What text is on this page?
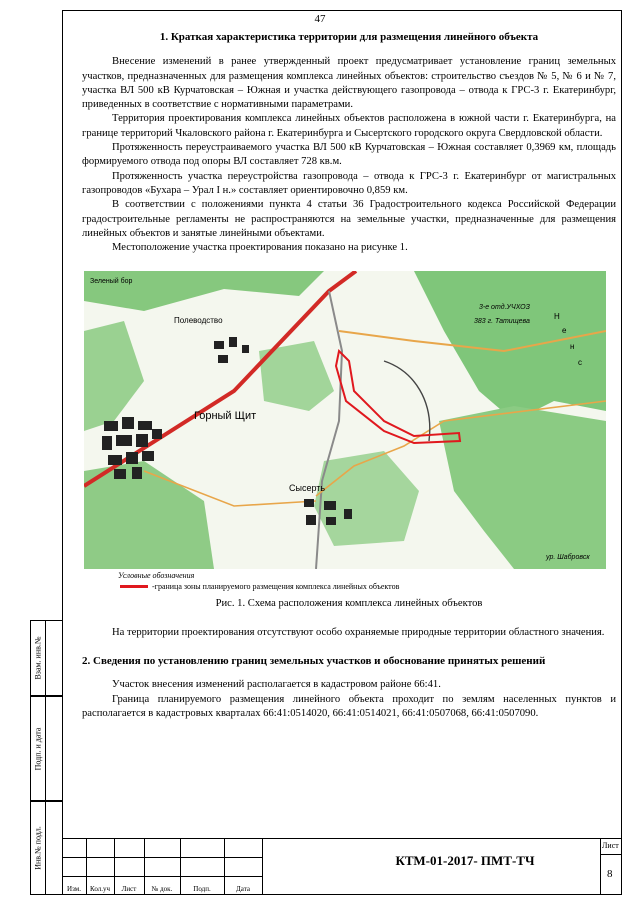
47
1. Краткая характеристика территории для размещения линейного объекта

Внесение изменений в ранее утвержденный проект предусматривает установление границ земельных участков, предназначенных для размещения комплекса линейных объектов: строительство съездов № 5, № 6 и № 7, участка ВЛ 500 кВ Курчатовская – Южная и участка действующего газопровода – отвода к ГРС-3 г. Екатеринбург, приведенных в соответствие с нормативными параметрами.

Территория проектирования комплекса линейных объектов расположена в южной части г. Екатеринбурга, на границе территорий Чкаловского района г. Екатеринбурга и Сысертского городского округа Свердловской области.

Протяженность переустраиваемого участка ВЛ 500 кВ Курчатовская – Южная составляет 0,3969 км, площадь формируемого отвода под опоры ВЛ составляет 728 кв.м.

Протяженность участка переустройства газопровода – отвода к ГРС-3 г. Екатеринбург от магистральных газопроводов «Бухара – Урал I н.» составляет ориентировочно 0,859 км.

В соответствии с положениями пункта 4 статьи 36 Градостроительного кодекса Российской Федерации градостроительные регламенты не распространяются на земельные участки, предназначенные для размещения линейных объектов и занятые линейными объектами.

Местоположение участка проектирования показано на рисунке 1.

Зеленый бор
Полеводство
Горный Щит
Сысерть
3-е отд.УЧХОЗ
383 г. Татищева
Н
е
н
с
ур. Шабровск
Условные обозначения
-граница зоны планируемого размещения комплекса линейных объектов
Рис. 1. Схема расположения комплекса линейных объектов

На территории проектирования отсутствуют особо охраняемые природные территории областного значения.

2. Сведения по установлению границ земельных участков и обоснование принятых решений

Участок внесения изменений располагается в кадастровом районе 66:41.

Граница планируемого размещения линейного объекта проходит по землям населенных пунктов и располагается в кадастровых кварталах 66:41:0514020, 66:41:0514021, 66:41:0507068, 66:41:0507090.

Взам. инв.№
Подп. и дата
Инв.№ подл.
Изм.	Кол.уч	Лист	№ док.	Подп.	Дата
КТМ-01-2017- ПМТ-ТЧ
Лист
8
